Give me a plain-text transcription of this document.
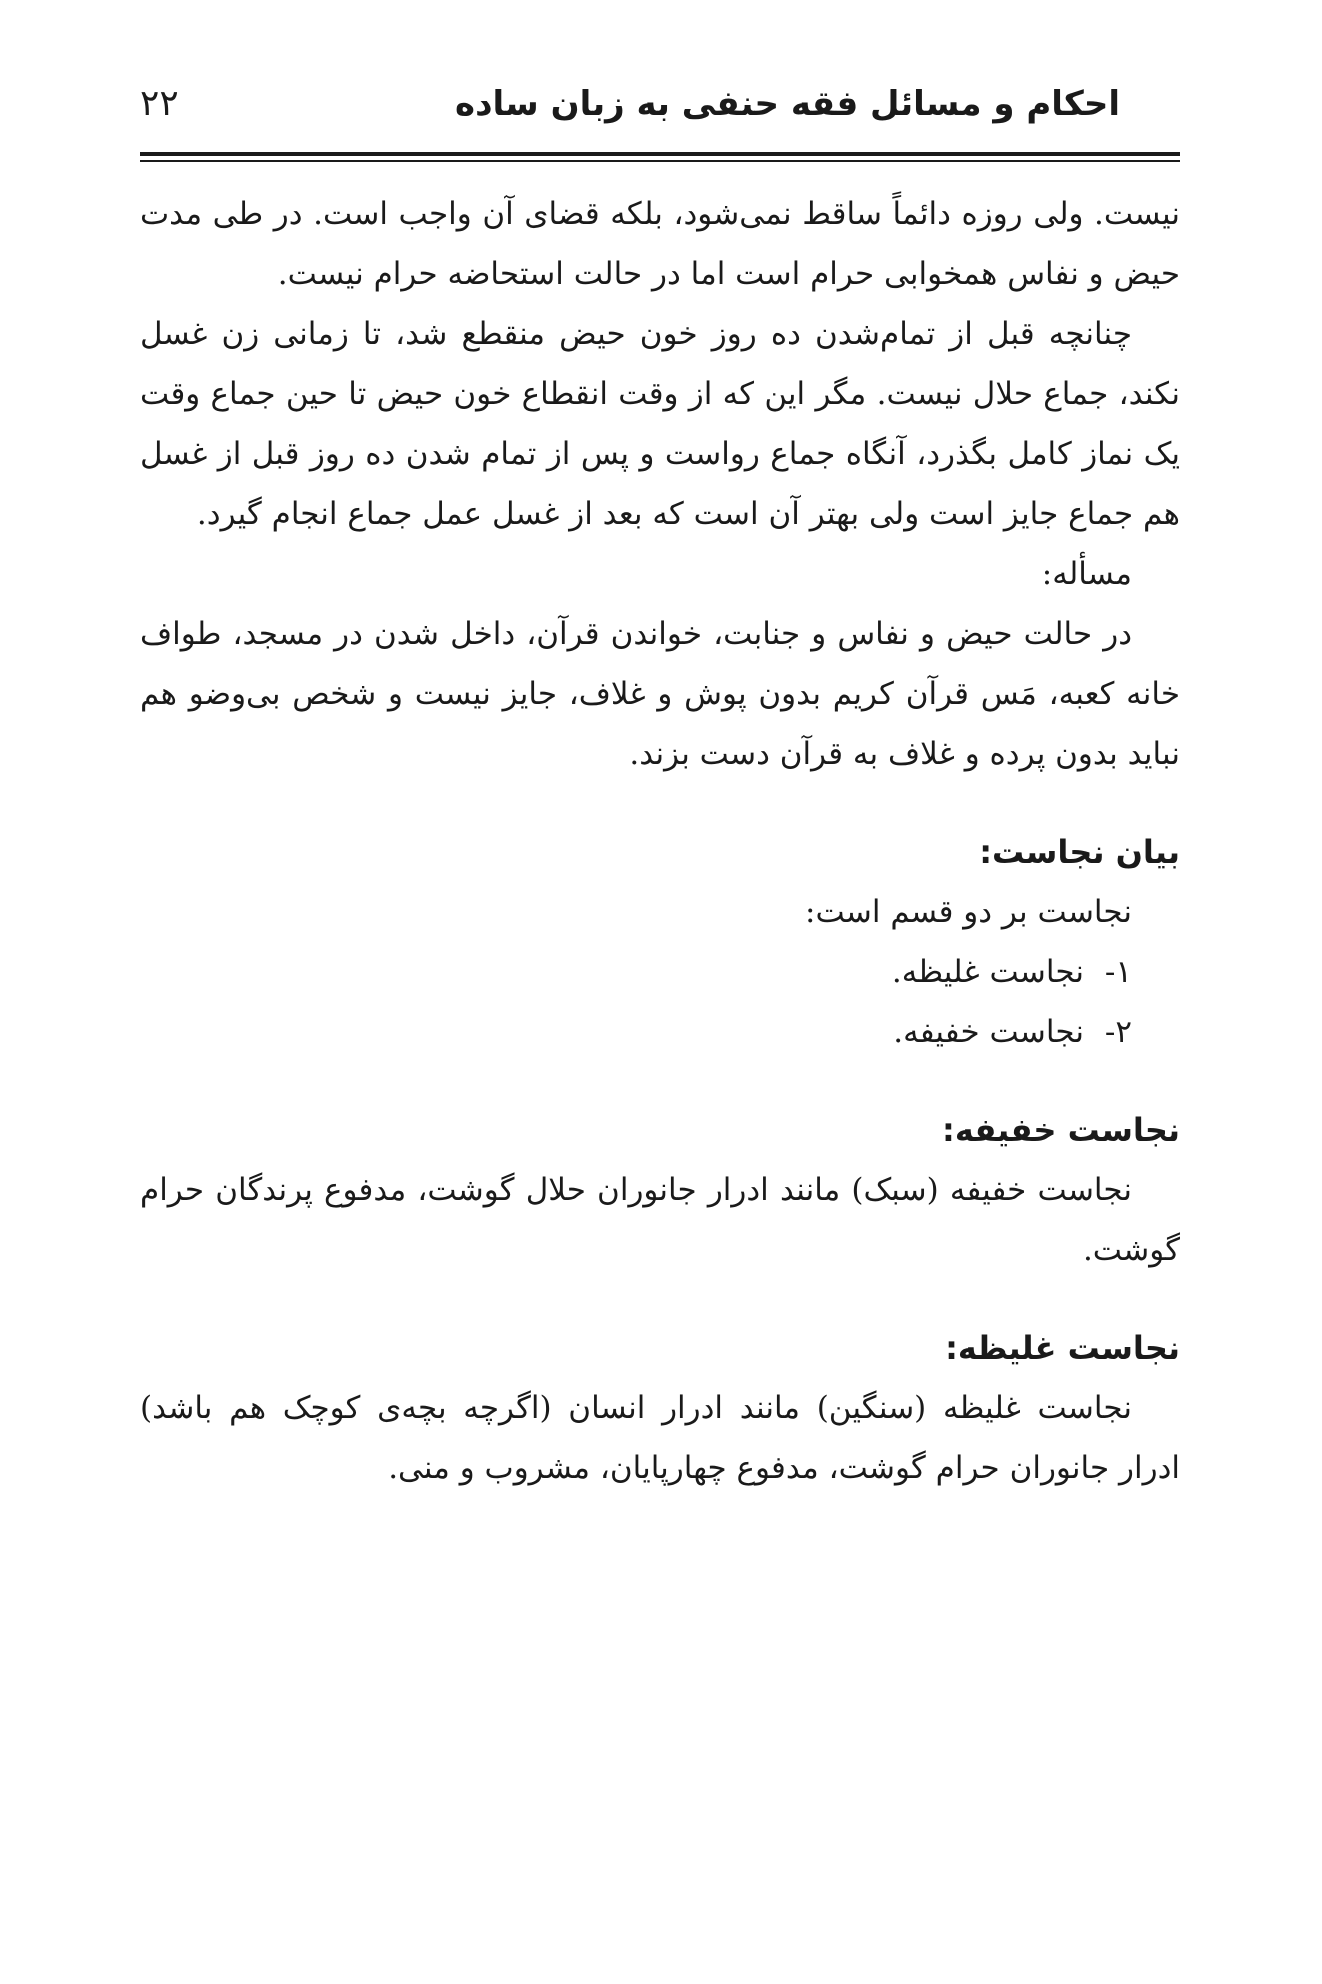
احکام و مسائل فقه حنفی به زبان ساده
۲۲

نیست. ولی روزه دائماً ساقط نمی‌شود، بلکه قضای آن واجب است. در طی مدت حیض و نفاس همخوابی حرام است اما در حالت استحاضه حرام نیست.

چنانچه قبل از تمام‌شدن ده روز خون حیض منقطع شد، تا زمانی زن غسل نکند، جماع حلال نیست. مگر این که از وقت انقطاع خون حیض تا حین جماع وقت یک نماز کامل بگذرد، آنگاه جماع رواست و پس از تمام شدن ده روز قبل از غسل هم جماع جایز است ولی بهتر آن است که بعد از غسل عمل جماع انجام گیرد.

مسأله:

در حالت حیض و نفاس و جنابت، خواندن قرآن، داخل شدن در مسجد، طواف خانه کعبه، مَس قرآن کریم بدون پوش و غلاف، جایز نیست و شخص بی‌وضو هم نباید بدون پرده و غلاف به قرآن دست بزند.

بیان نجاست:

نجاست بر دو قسم است:

۱-نجاست غلیظه.

۲-نجاست خفیفه.

نجاست خفیفه:

نجاست خفیفه (سبک) مانند ادرار جانوران حلال گوشت، مدفوع پرندگان حرام گوشت.

نجاست غلیظه:

نجاست غلیظه (سنگین) مانند ادرار انسان (اگرچه بچه‌ی کوچک هم باشد) ادرار جانوران حرام گوشت، مدفوع چهارپایان، مشروب و منی.
